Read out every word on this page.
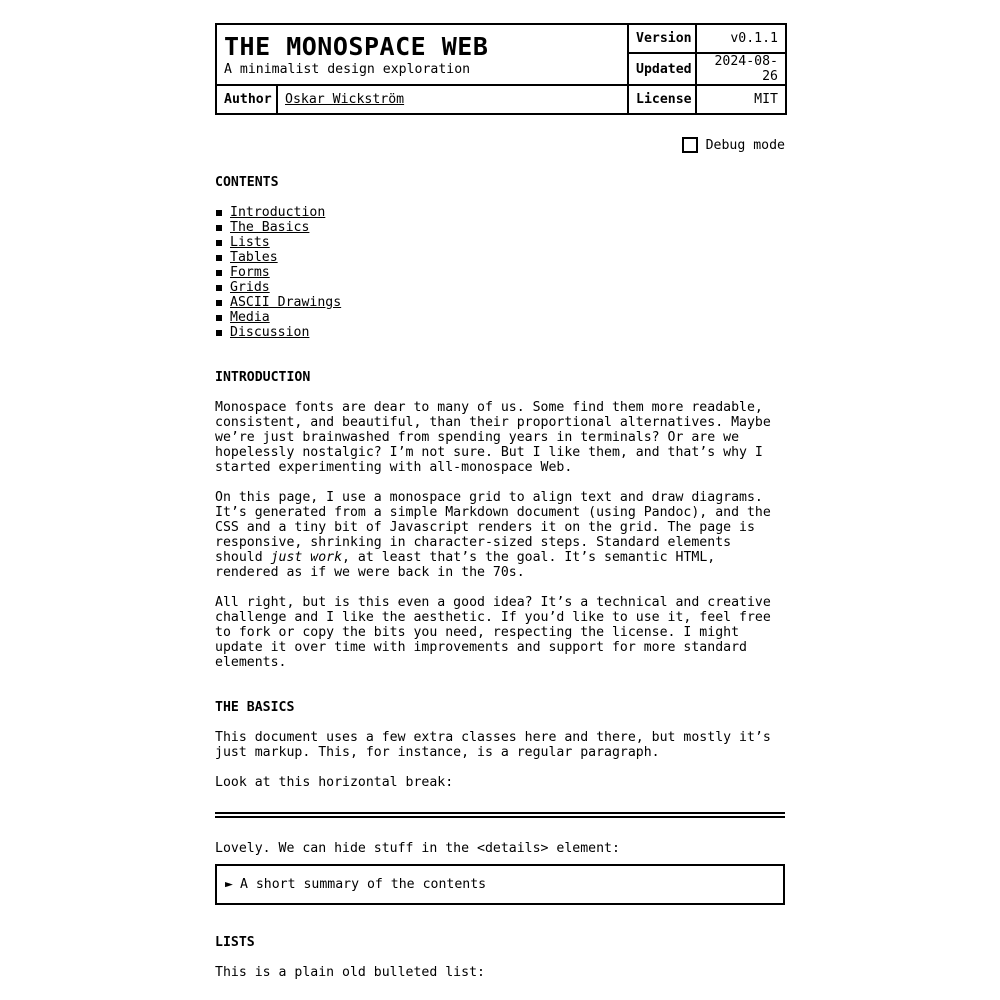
THE MONOSPACE WEB
A minimalist design exploration		Version	v0.1.1
		Updated	2024-08-26
Author	Oskar Wickström	License	MIT
Debug mode
CONTENTS
Introduction
The Basics
Lists
Tables
Forms
Grids
ASCII Drawings
Media
Discussion
INTRODUCTION

Monospace fonts are dear to many of us. Some find them more readable, consistent, and beautiful, than their proportional alternatives. Maybe we’re just brainwashed from spending years in terminals? Or are we hopelessly nostalgic? I’m not sure. But I like them, and that’s why I started experimenting with all-monospace Web.

On this page, I use a monospace grid to align text and draw diagrams. It’s generated from a simple Markdown document (using Pandoc), and the CSS and a tiny bit of Javascript renders it on the grid. The page is responsive, shrinking in character-sized steps. Standard elements should just work, at least that’s the goal. It’s semantic HTML, rendered as if we were back in the 70s.

All right, but is this even a good idea? It’s a technical and creative challenge and I like the aesthetic. If you’d like to use it, feel free to fork or copy the bits you need, respecting the license. I might update it over time with improvements and support for more standard elements.

THE BASICS

This document uses a few extra classes here and there, but mostly it’s just markup. This, for instance, is a regular paragraph.

Look at this horizontal break:

Lovely. We can hide stuff in the <details> element:

► A short summary of the contents
LISTS

This is a plain old bulleted list:
